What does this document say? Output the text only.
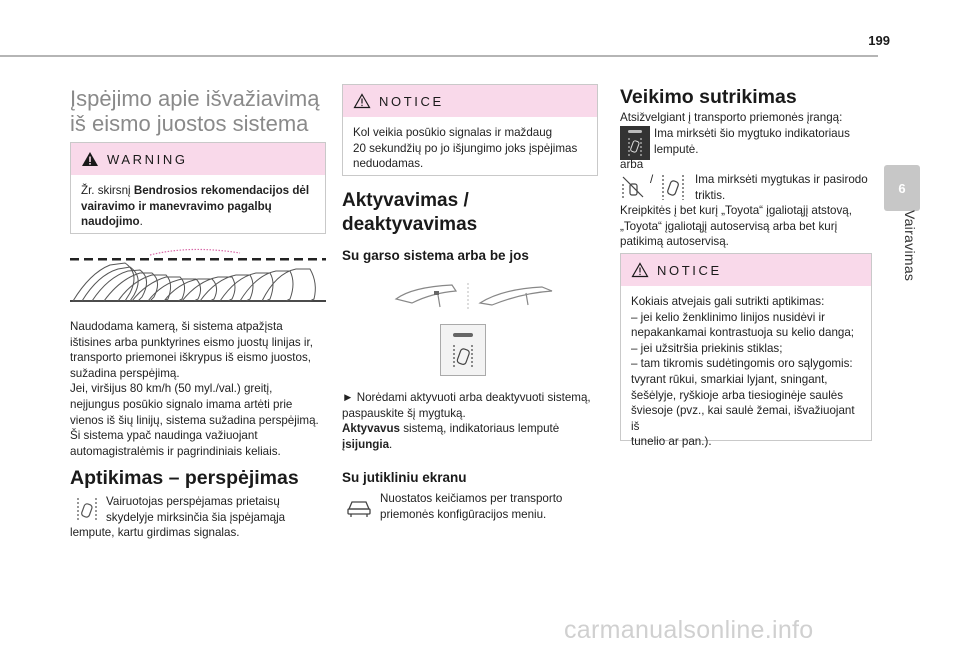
199
6
Vairavimas
Įspėjimo apie išvažiavimą
iš eismo juostos sistema
WARNING
Žr. skirsnį Bendrosios rekomendacijos dėl vairavimo ir manevravimo pagalbų naudojimo.
Naudodama kamerą, ši sistema atpažįsta
ištisines arba punktyrines eismo juostų linijas ir,
transporto priemonei iškrypus iš eismo juostos,
sužadina perspėjimą.
Jei, viršijus 80 km/h (50 myl./val.) greitį,
neįjungus posūkio signalo imama artėti prie
vienos iš šių linijų, sistema sužadina perspėjimą.
Ši sistema ypač naudinga važiuojant
automagistralėmis ir pagrindiniais keliais.
Aptikimas – perspėjimas
Vairuotojas perspėjamas prietaisų
skydelyje mirksinčia šia įspėjamąja
lempute, kartu girdimas signalas.
NOTICE
Kol veikia posūkio signalas ir maždaug
20 sekundžių po jo išjungimo joks įspėjimas
neduodamas.
Aktyvavimas /
deaktyvavimas
Su garso sistema arba be jos
► Norėdami aktyvuoti arba deaktyvuoti sistemą,
paspauskite šį mygtuką.
Aktyvavus sistemą, indikatoriaus lemputė
įsijungia.
Su jutikliniu ekranu
Nuostatos keičiamos per transporto
priemonės konfigūracijos meniu.
Veikimo sutrikimas
Atsižvelgiant į transporto priemonės įrangą:
Ima mirksėti šio mygtuko indikatoriaus
lemputė.
arba
/	Ima mirksėti mygtukas ir pasirodo
triktis.
Kreipkitės į bet kurį „Toyota“ įgaliotąjį atstovą,
„Toyota“ įgaliotąjį autoservisą arba bet kurį
patikimą autoservisą.
NOTICE
Kokiais atvejais gali sutrikti aptikimas:
– jei kelio ženklinimo linijos nusidėvi ir
nepakankamai kontrastuoja su kelio danga;
– jei užsitršia priekinis stiklas;
– tam tikromis sudėtingomis oro sąlygomis:
tvyrant rūkui, smarkiai lyjant, sningant,
šešėlyje, ryškioje arba tiesioginėje saulės
šviesoje (pvz., kai saulė žemai, išvažiuojant iš
tunelio ar pan.).
carmanualsonline.info
